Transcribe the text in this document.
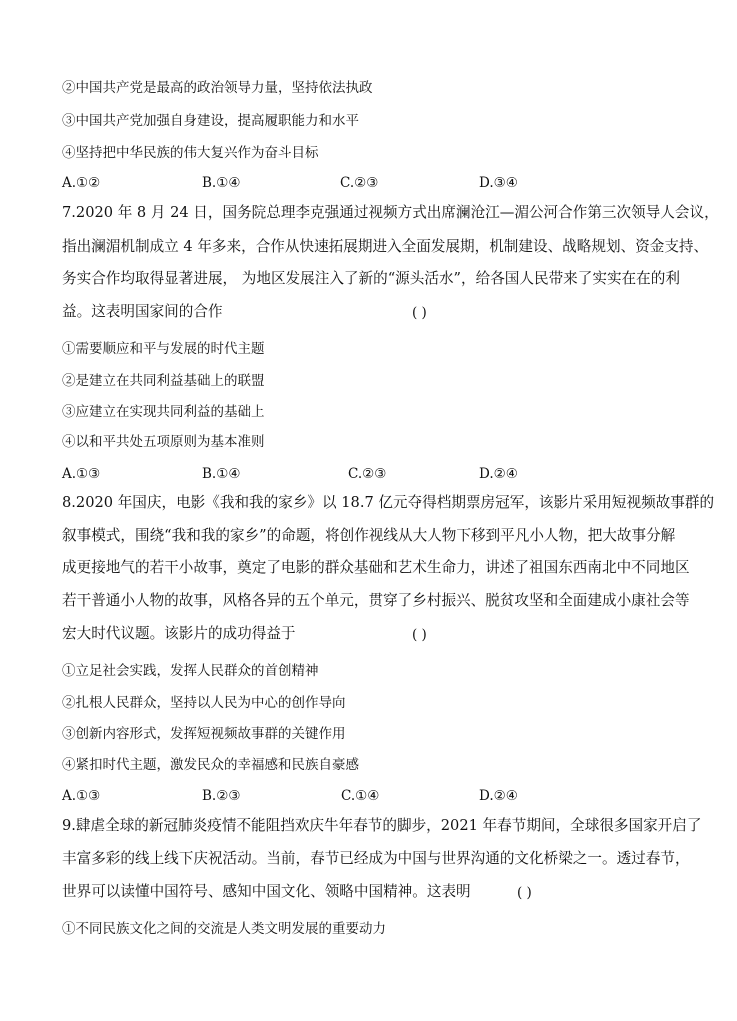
②中国共产党是最高的政治领导力量，坚持依法执政
③中国共产党加强自身建设，提高履职能力和水平
④坚持把中华民族的伟大复兴作为奋斗目标
A.①②	B.①④	C.②③	D.③④
7.2020 年 8 月 24 日，国务院总理李克强通过视频方式出席澜沧江—湄公河合作第三次领导人会议，
指出澜湄机制成立 4 年多来，合作从快速拓展期进入全面发展期，机制建设、战略规划、资金支持、
务实合作均取得显著进展， 为地区发展注入了新的“源头活水”，给各国人民带来了实实在在的利
益。这表明国家间的合作	( )
①需要顺应和平与发展的时代主题
②是建立在共同利益基础上的联盟
③应建立在实现共同利益的基础上
④以和平共处五项原则为基本准则
A.①③	B.①④	C.②③	D.②④
8.2020 年国庆，电影《我和我的家乡》以 18.7 亿元夺得档期票房冠军，该影片采用短视频故事群的
叙事模式，围绕“我和我的家乡”的命题，将创作视线从大人物下移到平凡小人物，把大故事分解
成更接地气的若干小故事，奠定了电影的群众基础和艺术生命力，讲述了祖国东西南北中不同地区
若干普通小人物的故事，风格各异的五个单元，贯穿了乡村振兴、脱贫攻坚和全面建成小康社会等
宏大时代议题。该影片的成功得益于	( )
①立足社会实践，发挥人民群众的首创精神
②扎根人民群众，坚持以人民为中心的创作导向
③创新内容形式，发挥短视频故事群的关键作用
④紧扣时代主题，激发民众的幸福感和民族自豪感
A.①③	B.②③	C.①④	D.②④
9.肆虐全球的新冠肺炎疫情不能阻挡欢庆牛年春节的脚步，2021 年春节期间，全球很多国家开启了
丰富多彩的线上线下庆祝活动。当前，春节已经成为中国与世界沟通的文化桥梁之一。透过春节，
世界可以读懂中国符号、感知中国文化、领略中国精神。这表明	( )
①不同民族文化之间的交流是人类文明发展的重要动力
